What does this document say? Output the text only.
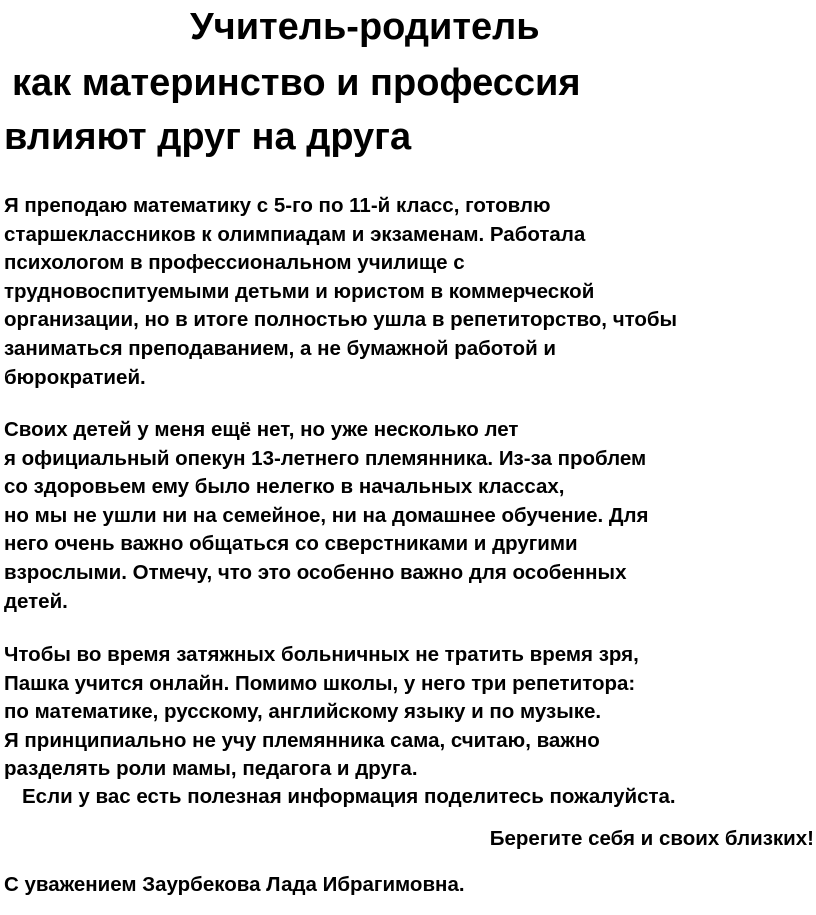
Учитель-родитель
как материнство и профессия
влияют друг на друга
Я преподаю математику с 5-го по 11-й класс, готовлю
старшеклассников к олимпиадам и экзаменам. Работала
психологом в профессиональном училище с
трудновоспитуемыми детьми и юристом в коммерческой
организации, но в итоге полностью ушла в репетиторство, чтобы
заниматься преподаванием, а не бумажной работой и
бюрократией.
Своих детей у меня ещё нет, но уже несколько лет
я официальный опекун 13-летнего племянника. Из-за проблем
со здоровьем ему было нелегко в начальных классах,
но мы не ушли ни на семейное, ни на домашнее обучение. Для
него очень важно общаться со сверстниками и другими
взрослыми. Отмечу, что это особенно важно для особенных
детей.
Чтобы во время затяжных больничных не тратить время зря,
Пашка учится онлайн. Помимо школы, у него три репетитора:
по математике, русскому, английскому языку и по музыке.
Я принципиально не учу племянника сама, считаю, важно
разделять роли мамы, педагога и друга.
Если у вас есть полезная информация поделитесь пожалуйста.
Берегите себя и своих близких!
С уважением Заурбекова Лада Ибрагимовна.
